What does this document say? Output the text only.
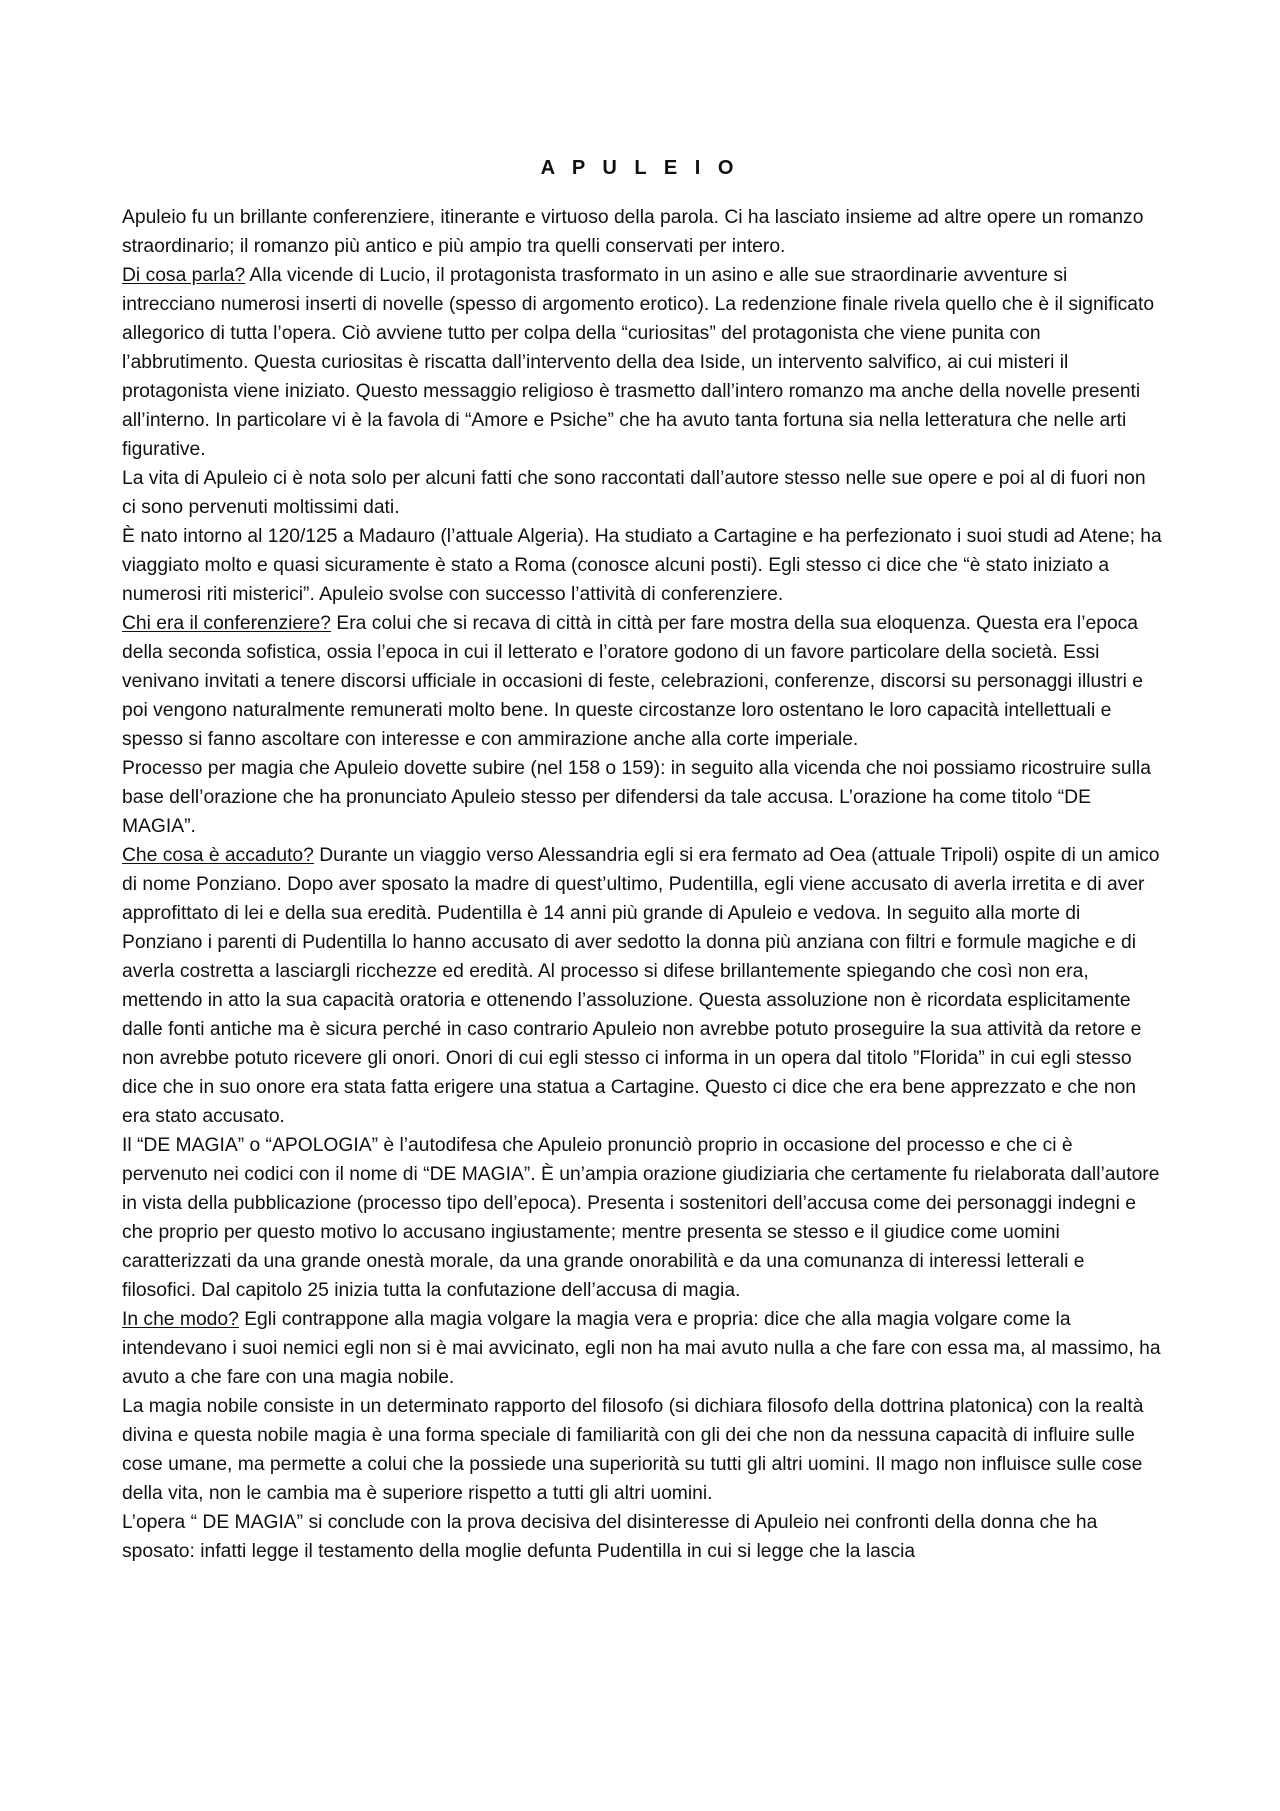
A P U L E I O

Apuleio fu un brillante conferenziere, itinerante e virtuoso della parola. Ci ha lasciato insieme ad altre opere un romanzo straordinario; il romanzo più antico e più ampio tra quelli conservati per intero.

Di cosa parla? Alla vicende di Lucio, il protagonista trasformato in un asino e alle sue straordinarie avventure si intrecciano numerosi inserti di novelle (spesso di argomento erotico). La redenzione finale rivela quello che è il significato allegorico di tutta l’opera. Ciò avviene tutto per colpa della “curiositas” del protagonista che viene punita con l’abbrutimento. Questa curiositas è riscatta dall’intervento della dea Iside, un intervento salvifico, ai cui misteri il protagonista viene iniziato. Questo messaggio religioso è trasmetto dall’intero romanzo ma anche della novelle presenti all’interno. In particolare vi è la favola di “Amore e Psiche” che ha avuto tanta fortuna sia nella letteratura che nelle arti figurative.

La vita di Apuleio ci è nota solo per alcuni fatti che sono raccontati dall’autore stesso nelle sue opere e poi al di fuori non ci sono pervenuti moltissimi dati.

È nato intorno al 120/125 a Madauro (l’attuale Algeria). Ha studiato a Cartagine e ha perfezionato i suoi studi ad Atene; ha viaggiato molto e quasi sicuramente è stato a Roma (conosce alcuni posti). Egli stesso ci dice che “è stato iniziato a numerosi riti misterici”. Apuleio svolse con successo l’attività di conferenziere.

Chi era il conferenziere? Era colui che si recava di città in città per fare mostra della sua eloquenza. Questa era l’epoca della seconda sofistica, ossia l’epoca in cui il letterato e l’oratore godono di un favore particolare della società. Essi venivano invitati a tenere discorsi ufficiale in occasioni di feste, celebrazioni, conferenze, discorsi su personaggi illustri e poi vengono naturalmente remunerati molto bene. In queste circostanze loro ostentano le loro capacità intellettuali e spesso si fanno ascoltare con interesse e con ammirazione anche alla corte imperiale.

Processo per magia che Apuleio dovette subire (nel 158 o 159): in seguito alla vicenda che noi possiamo ricostruire sulla base dell’orazione che ha pronunciato Apuleio stesso per difendersi da tale accusa. L’orazione ha come titolo “DE MAGIA”.

Che cosa è accaduto? Durante un viaggio verso Alessandria egli si era fermato ad Oea (attuale Tripoli) ospite di un amico di nome Ponziano. Dopo aver sposato la madre di quest’ultimo, Pudentilla, egli viene accusato di averla irretita e di aver approfittato di lei e della sua eredità. Pudentilla è 14 anni più grande di Apuleio e vedova. In seguito alla morte di Ponziano i parenti di Pudentilla lo hanno accusato di aver sedotto la donna più anziana con filtri e formule magiche e di averla costretta a lasciargli ricchezze ed eredità. Al processo si difese brillantemente spiegando che così non era, mettendo in atto la sua capacità oratoria e ottenendo l’assoluzione. Questa assoluzione non è ricordata esplicitamente dalle fonti antiche ma è sicura perché in caso contrario Apuleio non avrebbe potuto proseguire la sua attività da retore e non avrebbe potuto ricevere gli onori. Onori di cui egli stesso ci informa in un opera dal titolo ”Florida” in cui egli stesso dice che in suo onore era stata fatta erigere una statua a Cartagine. Questo ci dice che era bene apprezzato e che non era stato accusato.

Il “DE MAGIA” o “APOLOGIA” è l’autodifesa che Apuleio pronunciò proprio in occasione del processo e che ci è pervenuto nei codici con il nome di “DE MAGIA”. È un’ampia orazione giudiziaria che certamente fu rielaborata dall’autore in vista della pubblicazione (processo tipo dell’epoca). Presenta i sostenitori dell’accusa come dei personaggi indegni e che proprio per questo motivo lo accusano ingiustamente; mentre presenta se stesso e il giudice come uomini caratterizzati da una grande onestà morale, da una grande onorabilità e da una comunanza di interessi letterali e filosofici. Dal capitolo 25 inizia tutta la confutazione dell’accusa di magia.

In che modo? Egli contrappone alla magia volgare la magia vera e propria: dice che alla magia volgare come la intendevano i suoi nemici egli non si è mai avvicinato, egli non ha mai avuto nulla a che fare con essa ma, al massimo, ha avuto a che fare con una magia nobile.

La magia nobile consiste in un determinato rapporto del filosofo (si dichiara filosofo della dottrina platonica) con la realtà divina e questa nobile magia è una forma speciale di familiarità con gli dei che non da nessuna capacità di influire sulle cose umane, ma permette a colui che la possiede una superiorità su tutti gli altri uomini. Il mago non influisce sulle cose della vita, non le cambia ma è superiore rispetto a tutti gli altri uomini.

L’opera “ DE MAGIA” si conclude con la prova decisiva del disinteresse di Apuleio nei confronti della donna che ha sposato: infatti legge il testamento della moglie defunta Pudentilla in cui si legge che la lascia
